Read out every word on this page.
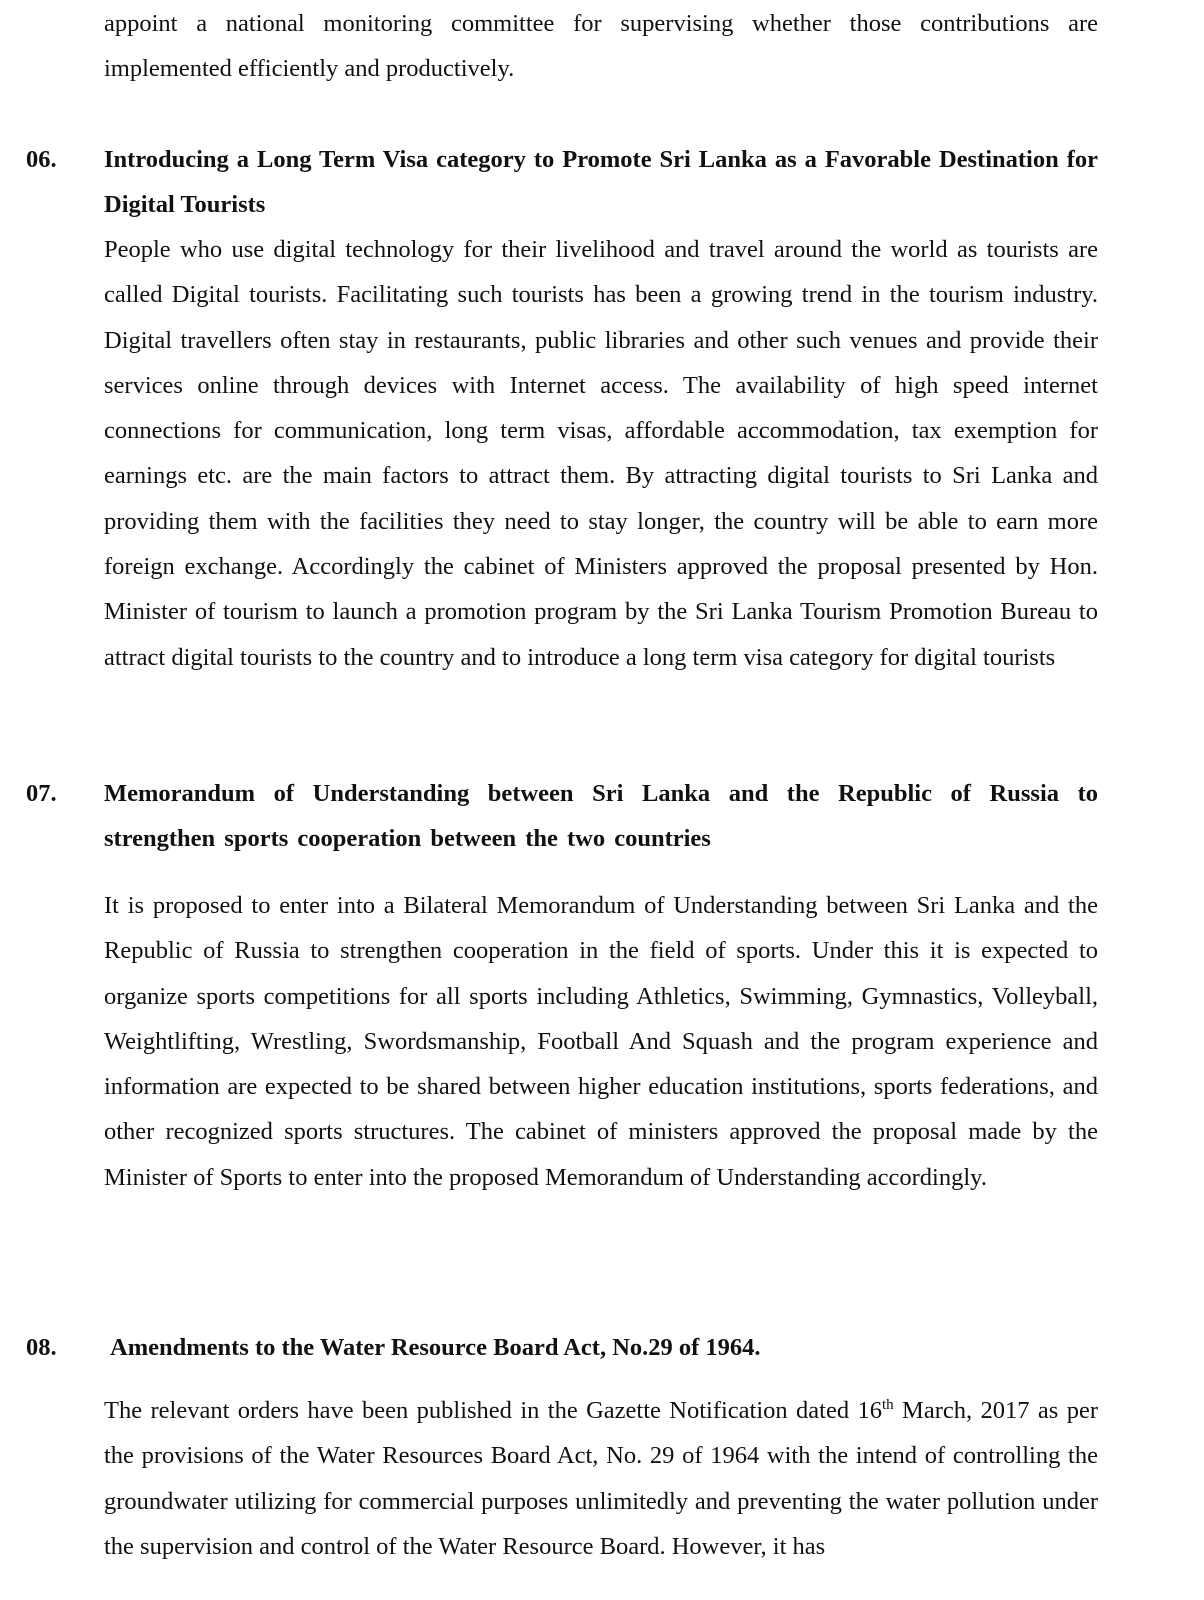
appoint a national monitoring committee for supervising whether those contributions are implemented efficiently and productively.

06. Introducing a Long Term Visa category to Promote Sri Lanka as a Favorable Destination for Digital Tourists

People who use digital technology for their livelihood and travel around the world as tourists are called Digital tourists. Facilitating such tourists has been a growing trend in the tourism industry. Digital travellers often stay in restaurants, public libraries and other such venues and provide their services online through devices with Internet access. The availability of high speed internet connections for communication, long term visas, affordable accommodation, tax exemption for earnings etc. are the main factors to attract them. By attracting digital tourists to Sri Lanka and providing them with the facilities they need to stay longer, the country will be able to earn more foreign exchange. Accordingly the cabinet of Ministers approved the proposal presented by Hon. Minister of tourism to launch a promotion program by the Sri Lanka Tourism Promotion Bureau to attract digital tourists to the country and to introduce a long term visa category for digital tourists

07. Memorandum of Understanding between Sri Lanka and the Republic of Russia to strengthen sports cooperation between the two countries

It is proposed to enter into a Bilateral Memorandum of Understanding between Sri Lanka and the Republic of Russia to strengthen cooperation in the field of sports. Under this it is expected to organize sports competitions for all sports including Athletics, Swimming, Gymnastics, Volleyball, Weightlifting, Wrestling, Swordsmanship, Football And Squash and the program experience and information are expected to be shared between higher education institutions, sports federations, and other recognized sports structures. The cabinet of ministers approved the proposal made by the Minister of Sports to enter into the proposed Memorandum of Understanding accordingly.

08. Amendments to the Water Resource Board Act, No.29 of 1964.

The relevant orders have been published in the Gazette Notification dated 16th March, 2017 as per the provisions of the Water Resources Board Act, No. 29 of 1964 with the intend of controlling the groundwater utilizing for commercial purposes unlimitedly and preventing the water pollution under the supervision and control of the Water Resource Board. However, it has
